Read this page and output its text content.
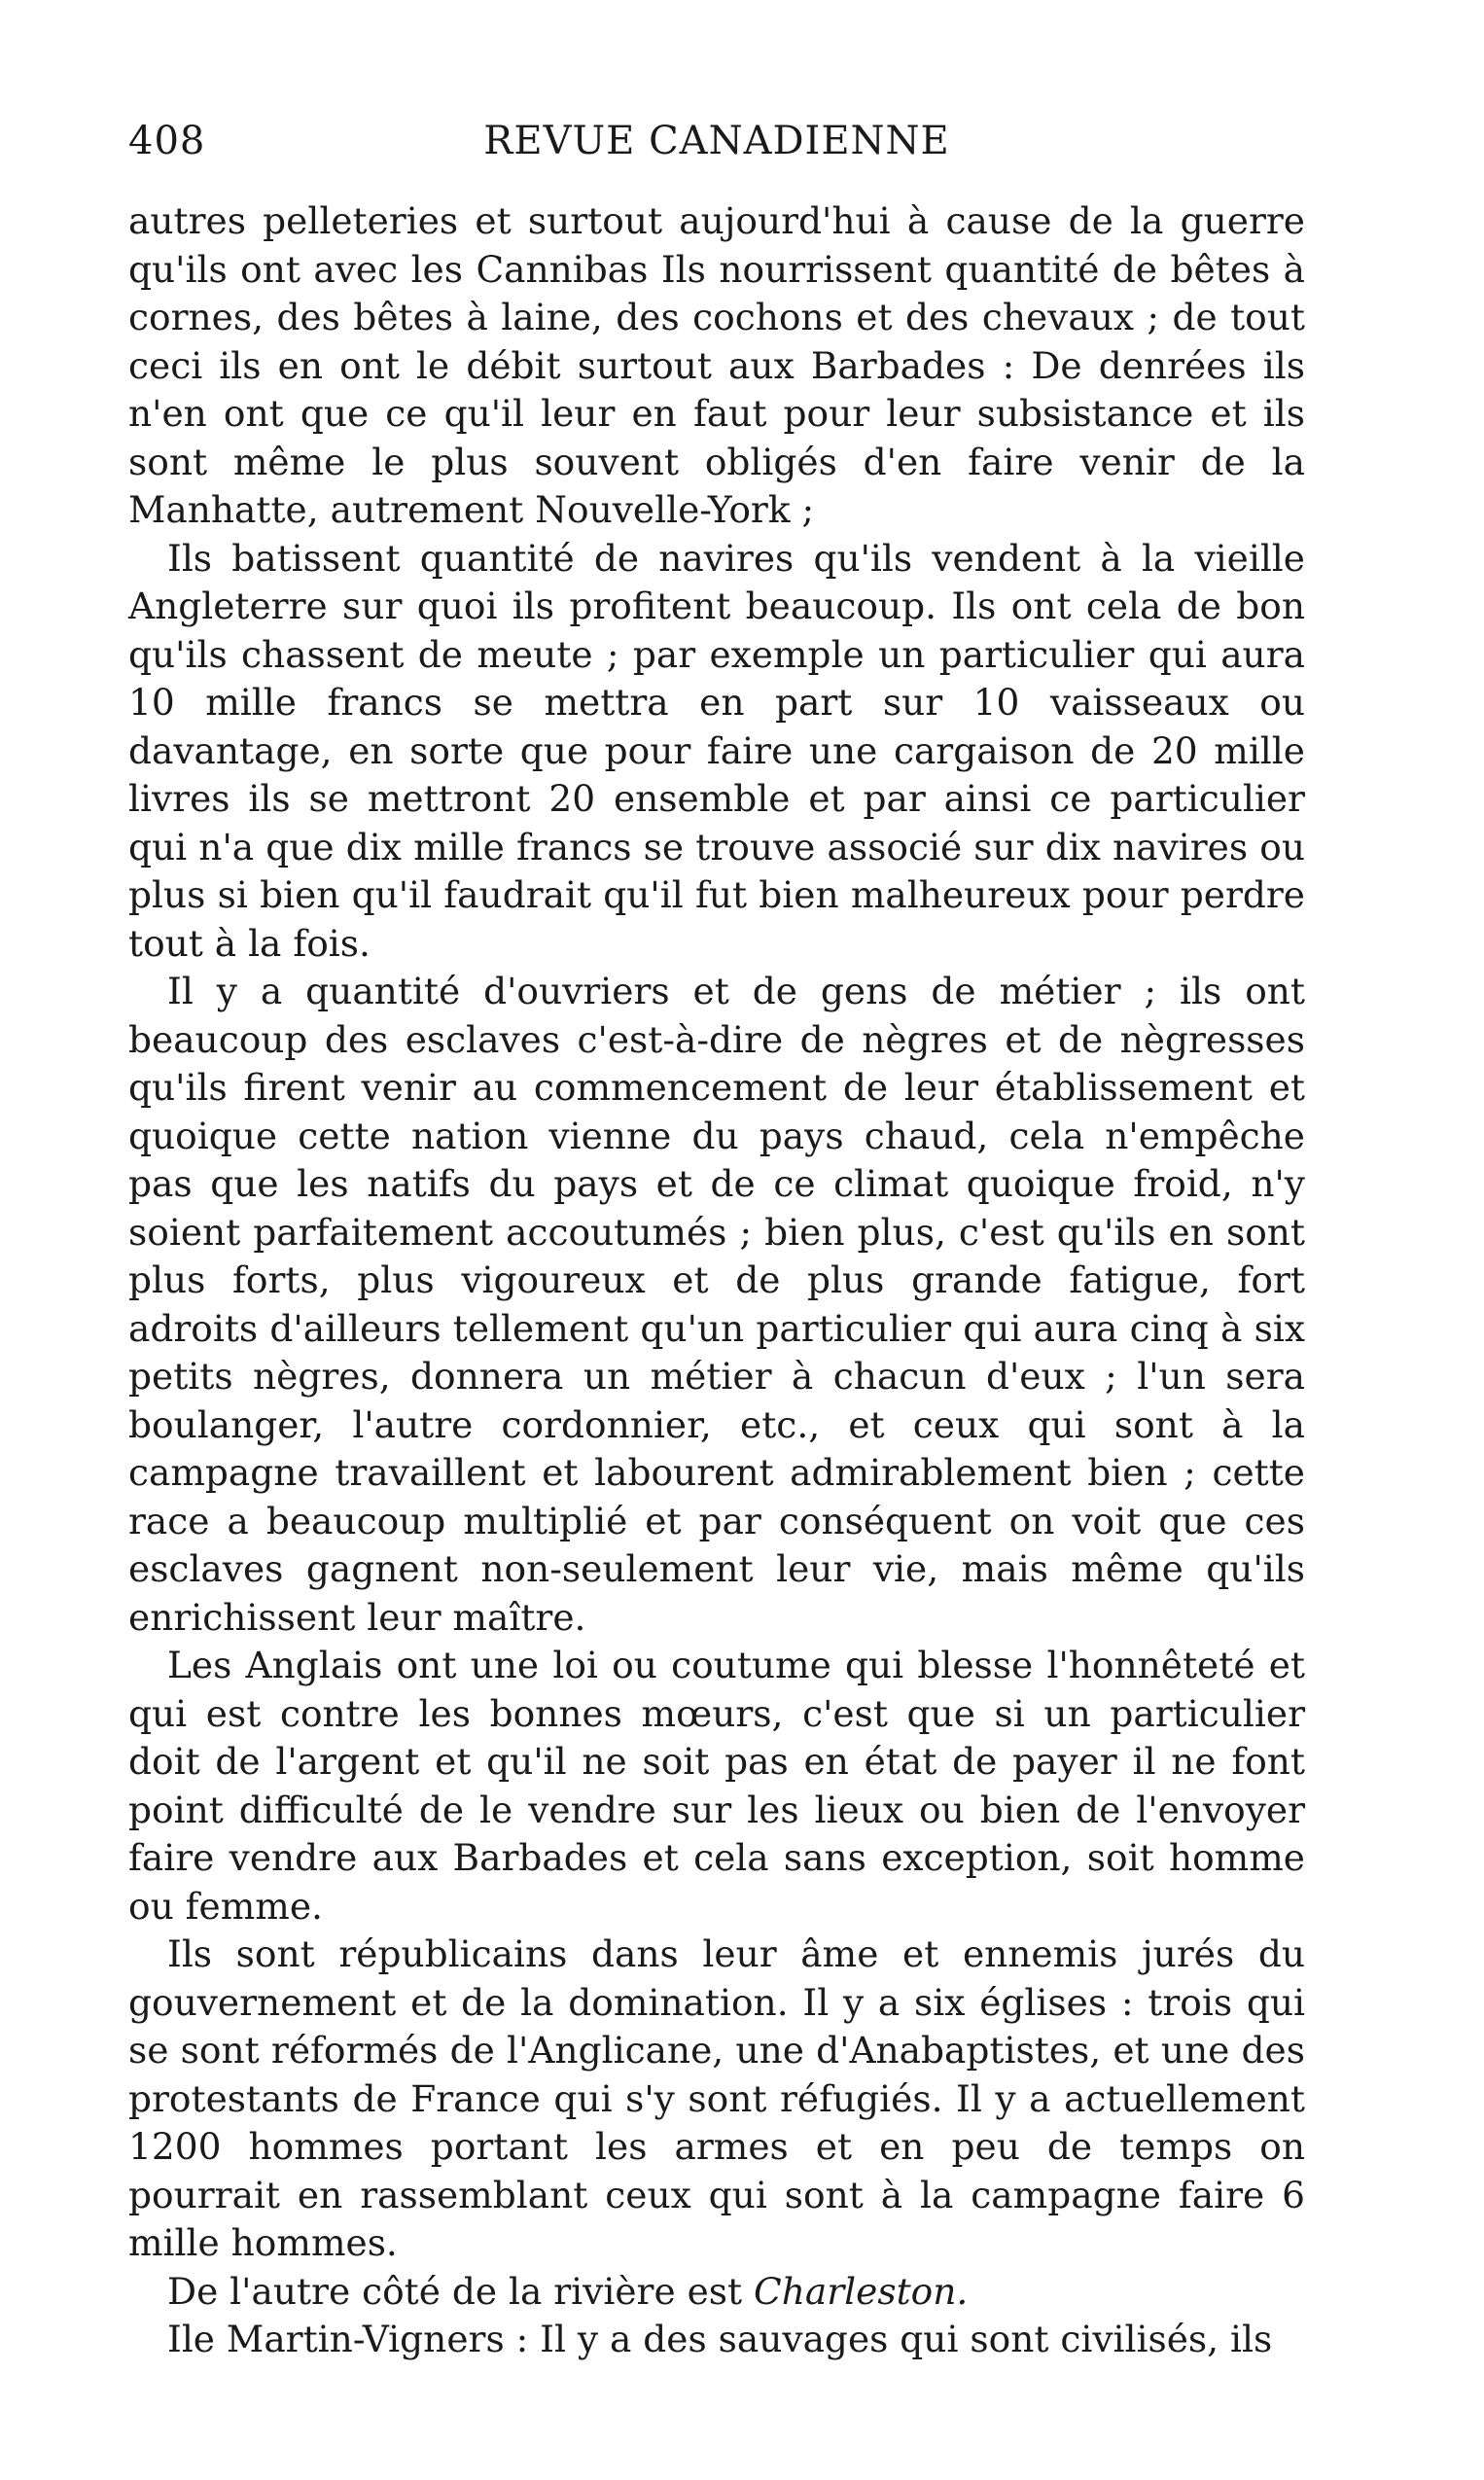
408	REVUE CANADIENNE

autres pelleteries et surtout aujourd'hui à cause de la guerre qu'ils ont avec les Cannibas Ils nourrissent quantité de bêtes à cornes, des bêtes à laine, des cochons et des chevaux ; de tout ceci ils en ont le débit surtout aux Barbades : De denrées ils n'en ont que ce qu'il leur en faut pour leur subsistance et ils sont même le plus souvent obligés d'en faire venir de la Manhatte, autrement Nouvelle-York ;

Ils batissent quantité de navires qu'ils vendent à la vieille Angleterre sur quoi ils profitent beaucoup. Ils ont cela de bon qu'ils chassent de meute ; par exemple un particulier qui aura 10 mille francs se mettra en part sur 10 vaisseaux ou davantage, en sorte que pour faire une cargaison de 20 mille livres ils se mettront 20 ensemble et par ainsi ce particulier qui n'a que dix mille francs se trouve associé sur dix navires ou plus si bien qu'il faudrait qu'il fut bien malheureux pour perdre tout à la fois.

Il y a quantité d'ouvriers et de gens de métier ; ils ont beaucoup des esclaves c'est-à-dire de nègres et de nègresses qu'ils firent venir au commencement de leur établissement et quoique cette nation vienne du pays chaud, cela n'empêche pas que les natifs du pays et de ce climat quoique froid, n'y soient parfaitement accoutumés ; bien plus, c'est qu'ils en sont plus forts, plus vigoureux et de plus grande fatigue, fort adroits d'ailleurs tellement qu'un particulier qui aura cinq à six petits nègres, donnera un métier à chacun d'eux ; l'un sera boulanger, l'autre cordonnier, etc., et ceux qui sont à la campagne travaillent et labourent admirablement bien ; cette race a beaucoup multiplié et par conséquent on voit que ces esclaves gagnent non-seulement leur vie, mais même qu'ils enrichissent leur maître.

Les Anglais ont une loi ou coutume qui blesse l'honnêteté et qui est contre les bonnes mœurs, c'est que si un particulier doit de l'argent et qu'il ne soit pas en état de payer il ne font point difficulté de le vendre sur les lieux ou bien de l'envoyer faire vendre aux Barbades et cela sans exception, soit homme ou femme.

Ils sont républicains dans leur âme et ennemis jurés du gouvernement et de la domination. Il y a six églises : trois qui se sont réformés de l'Anglicane, une d'Anabaptistes, et une des protestants de France qui s'y sont réfugiés. Il y a actuellement 1200 hommes portant les armes et en peu de temps on pourrait en rassemblant ceux qui sont à la campagne faire 6 mille hommes.

De l'autre côté de la rivière est Charleston.

Ile Martin-Vigners : Il y a des sauvages qui sont civilisés, ils
